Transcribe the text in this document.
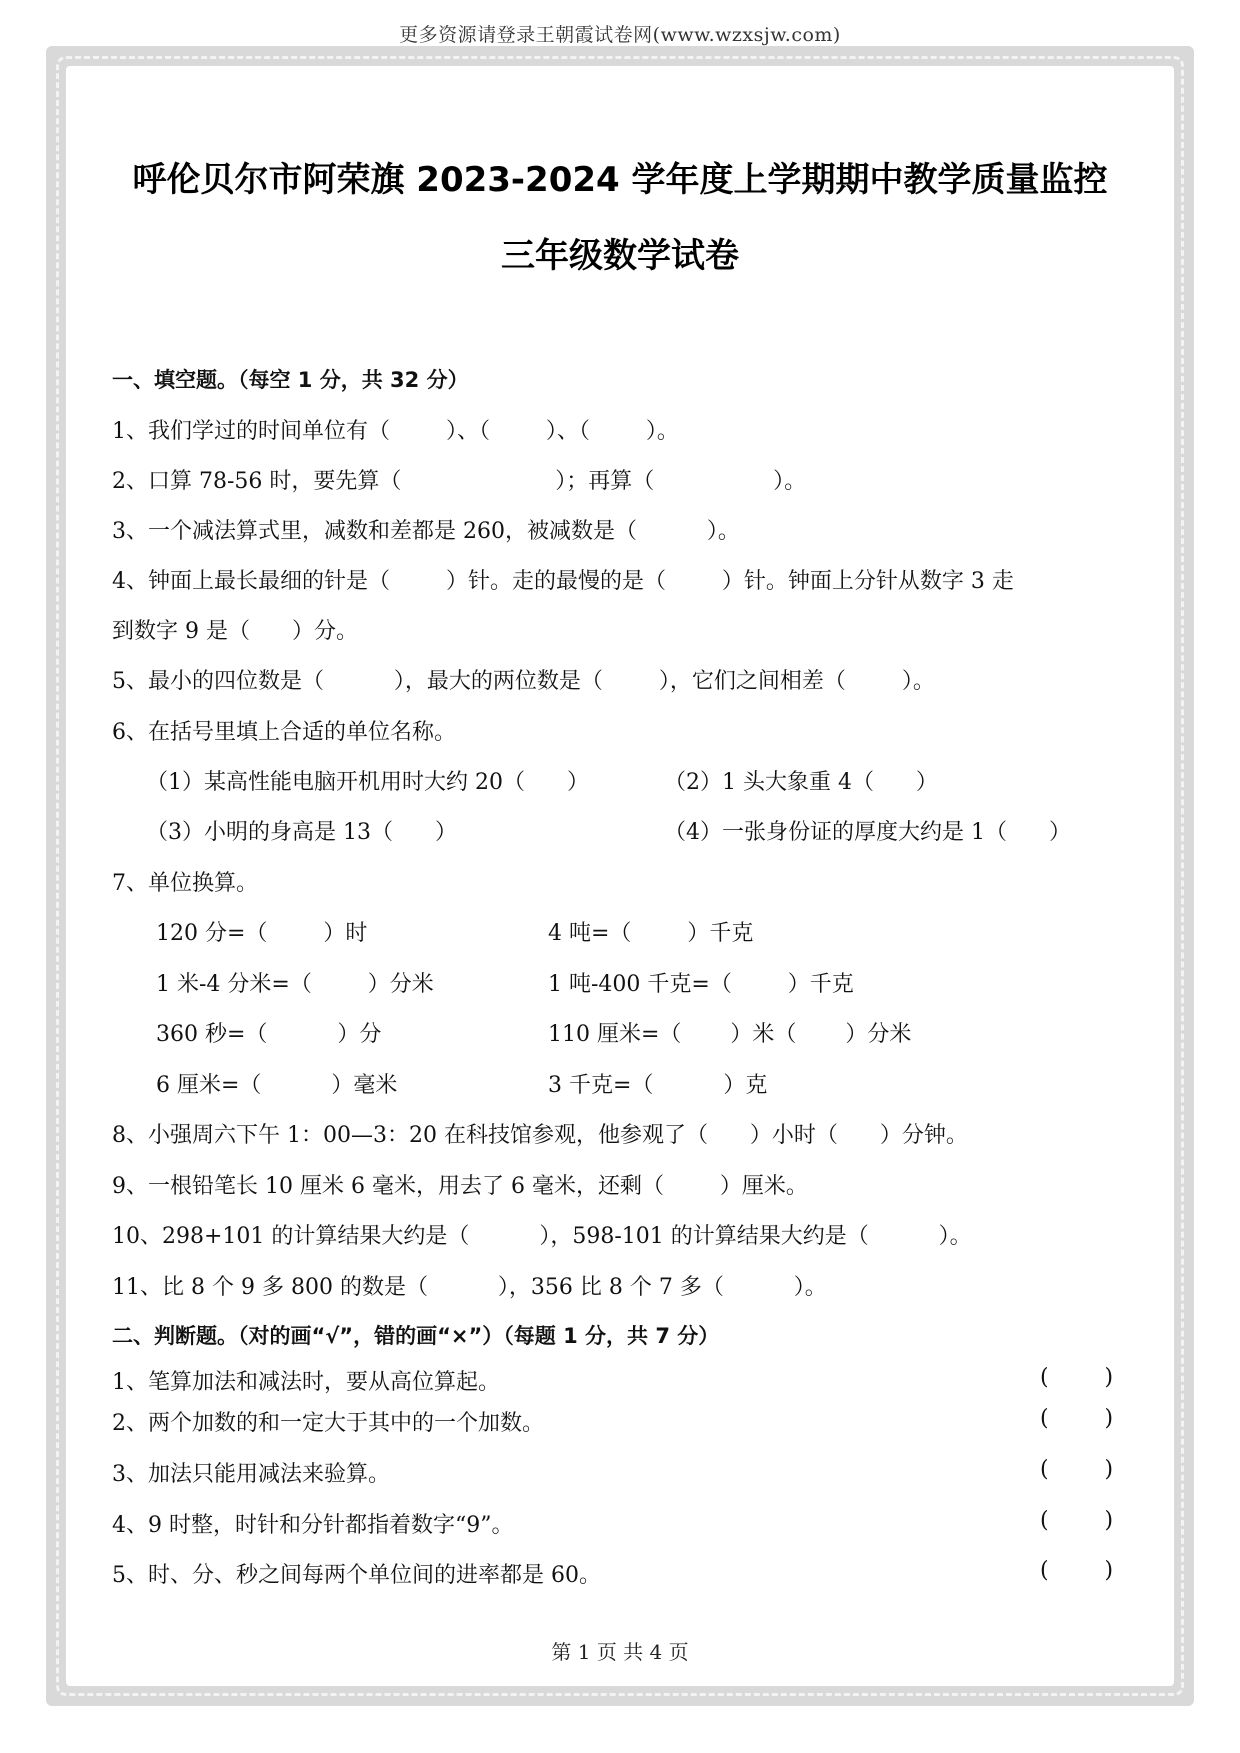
更多资源请登录王朝霞试卷网(www.wzxsjw.com)
呼伦贝尔市阿荣旗 2023-2024 学年度上学期期中教学质量监控
三年级数学试卷
一、填空题。（每空 1 分，共 32 分）
1、我们学过的时间单位有（        ）、（        ）、（        ）。
2、口算 78-56 时，要先算（                      ）；再算（                 ）。
3、一个减法算式里，减数和差都是 260，被减数是（          ）。
4、钟面上最长最细的针是（        ）针。走的最慢的是（        ）针。钟面上分针从数字 3 走
到数字 9 是（      ）分。
5、最小的四位数是（          ），最大的两位数是（        ），它们之间相差（        ）。
6、在括号里填上合适的单位名称。
（1）某高性能电脑开机用时大约 20（      ）	（2）1 头大象重 4（      ）
（3）小明的身高是 13（      ）	（4）一张身份证的厚度大约是 1（      ）
7、单位换算。
120 分=（        ）时	4 吨=（        ）千克
1 米-4 分米=（        ）分米	1 吨-400 千克=（        ）千克
360 秒=（          ）分	110 厘米=（       ）米（       ）分米
6 厘米=（          ）毫米	3 千克=（          ）克
8、小强周六下午 1：00—3：20 在科技馆参观，他参观了（      ）小时（      ）分钟。
9、一根铅笔长 10 厘米 6 毫米，用去了 6 毫米，还剩（        ）厘米。
10、298+101 的计算结果大约是（          ），598-101 的计算结果大约是（          ）。
11、比 8 个 9 多 800 的数是（          ），356 比 8 个 7 多（          ）。
二、判断题。（对的画“√”，错的画“×”）（每题 1 分，共 7 分）
1、笔算加法和减法时，要从高位算起。	(        )
2、两个加数的和一定大于其中的一个加数。	(        )
3、加法只能用减法来验算。	(        )
4、9 时整，时针和分针都指着数字“9”。	(        )
5、时、分、秒之间每两个单位间的进率都是 60。	(        )
第 1 页 共 4 页
